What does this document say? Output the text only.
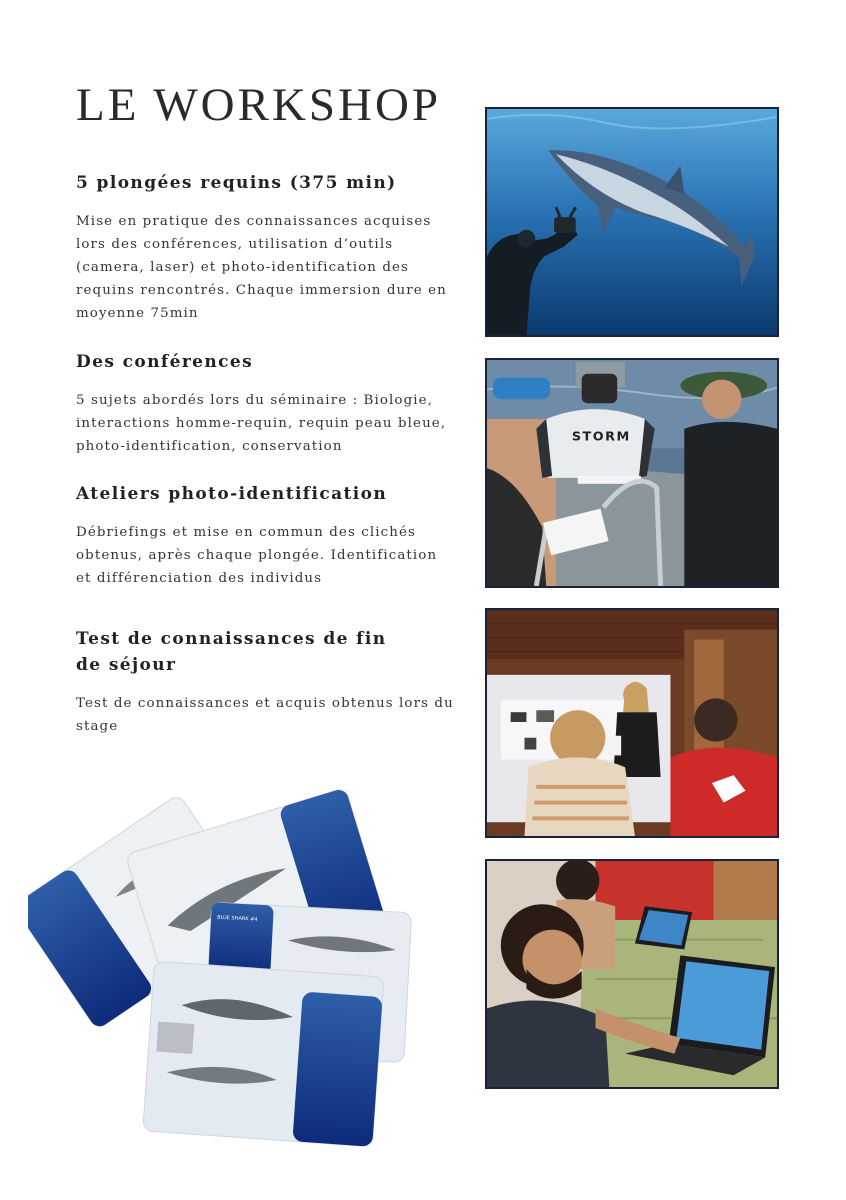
LE WORKSHOP
5 plongées requins (375 min)

Mise en pratique des connaissances acquises lors des conférences, utilisation d’outils (camera, laser) et photo-identification des requins rencontrés. Chaque immersion dure en moyenne 75min

Des conférences

5 sujets abordés lors du séminaire : Biologie, interactions homme-requin, requin peau bleue, photo-identification, conservation

Ateliers photo-identification

Débriefings et mise en commun des clichés obtenus, après chaque plongée. Identification et différenciation des individus

Test de connaissances de fin
de séjour

Test de connaissances et acquis obtenus lors du stage

STORM
BLUE SHARK #4
